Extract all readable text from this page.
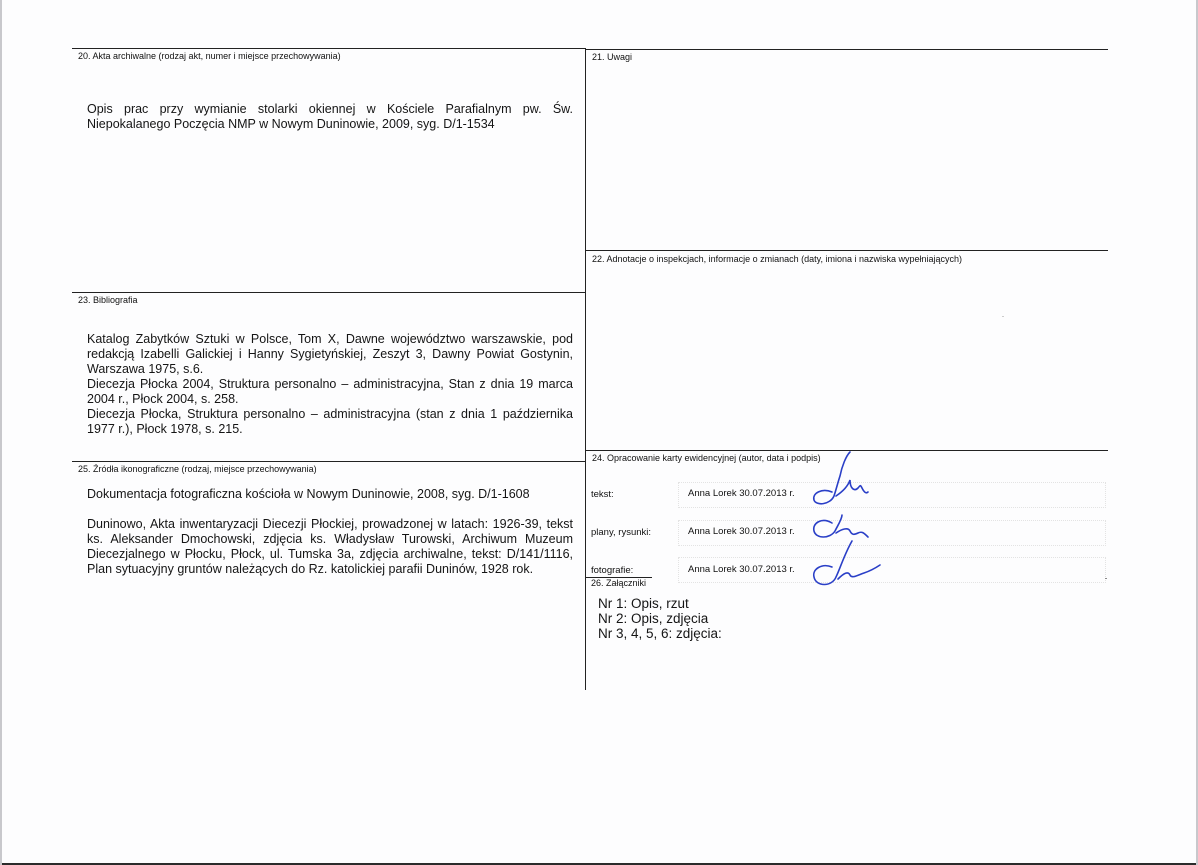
20. Akta archiwalne (rodzaj akt, numer i miejsce przechowywania)
Opis prac przy wymianie stolarki okiennej w Kościele Parafialnym pw. Św. Niepokalanego Poczęcia NMP w Nowym Duninowie, 2009, syg. D/1-1534
21. Uwagi
22. Adnotacje o inspekcjach, informacje o zmianach (daty, imiona i nazwiska wypełniających)
23. Bibliografia

Katalog Zabytków Sztuki w Polsce, Tom X, Dawne województwo warszawskie, pod redakcją Izabelli Galickiej i Hanny Sygietyńskiej, Zeszyt 3, Dawny Powiat Gostynin, Warszawa 1975, s.6.

Diecezja Płocka 2004, Struktura personalno – administracyjna, Stan z dnia 19 marca 2004 r., Płock 2004, s. 258.

Diecezja Płocka, Struktura personalno – administracyjna (stan z dnia 1 października 1977 r.), Płock 1978, s. 215.

24. Opracowanie karty ewidencyjnej (autor, data i podpis)
tekst:	Anna Lorek 30.07.2013 r.
plany, rysunki:	Anna Lorek 30.07.2013 r.
fotografie:	Anna Lorek 30.07.2013 r.
25. Źródła ikonograficzne (rodzaj, miejsce przechowywania)

Dokumentacja fotograficzna kościoła w Nowym Duninowie, 2008, syg. D/1-1608

Duninowo, Akta inwentaryzacji Diecezji Płockiej, prowadzonej w latach: 1926-39, tekst ks. Aleksander Dmochowski, zdjęcia ks. Władysław Turowski, Archiwum Muzeum Diecezjalnego w Płocku, Płock, ul. Tumska 3a, zdjęcia archiwalne, tekst: D/141/1116, Plan sytuacyjny gruntów należących do Rz. katolickiej parafii Duninów, 1928 rok.

26. Załączniki
Nr 1: Opis, rzut
Nr 2: Opis, zdjęcia
Nr 3, 4, 5, 6: zdjęcia:
